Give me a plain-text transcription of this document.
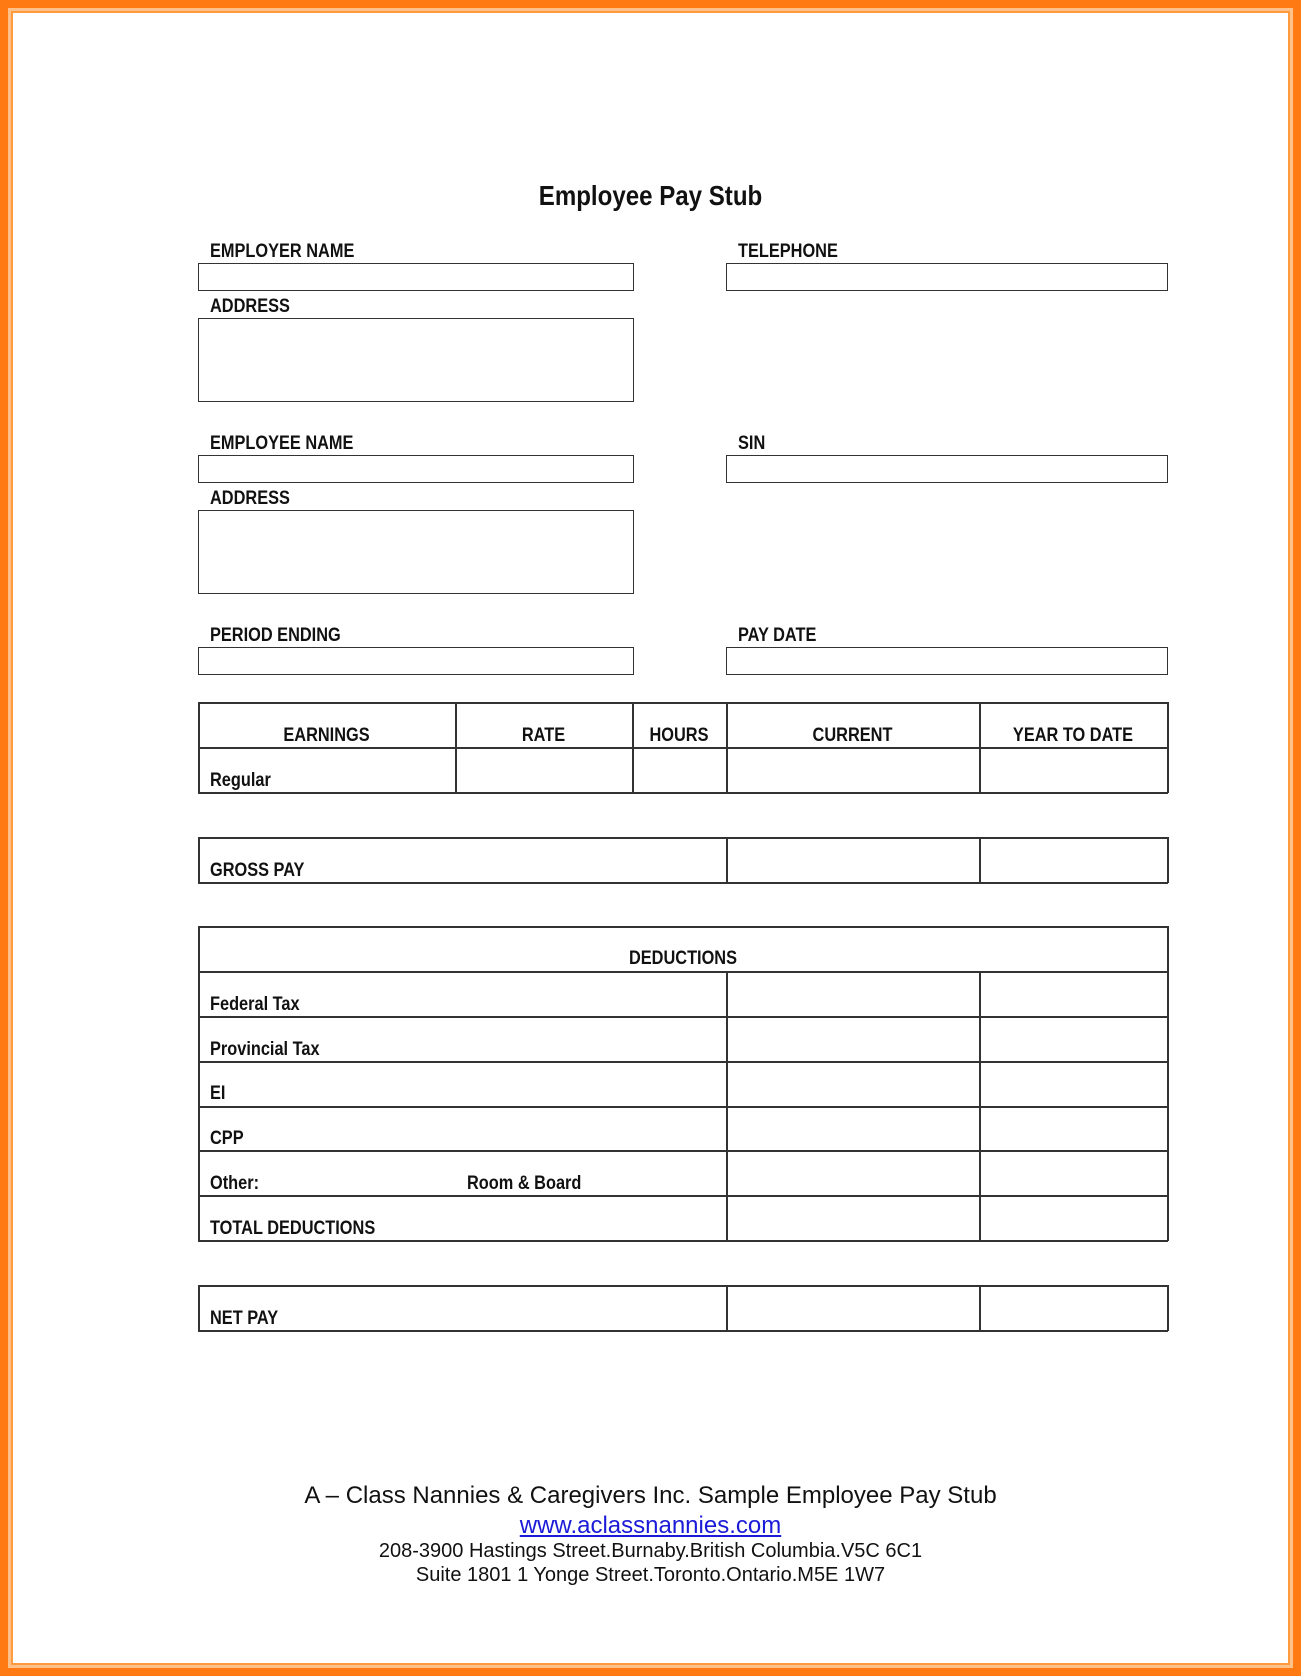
Employee Pay Stub
EMPLOYER NAME	TELEPHONE
ADDRESS
EMPLOYEE NAME	SIN
ADDRESS
PERIOD ENDING	PAY DATE
EARNINGS	RATE	HOURS	CURRENT	YEAR TO DATE
Regular
GROSS PAY
DEDUCTIONS
Federal Tax
Provincial Tax
EI
CPP
Other:	Room & Board
TOTAL DEDUCTIONS
NET PAY
A – Class Nannies & Caregivers Inc. Sample Employee Pay Stub
www.aclassnannies.com
208-3900 Hastings Street.Burnaby.British Columbia.V5C 6C1
Suite 1801 1 Yonge Street.Toronto.Ontario.M5E 1W7
